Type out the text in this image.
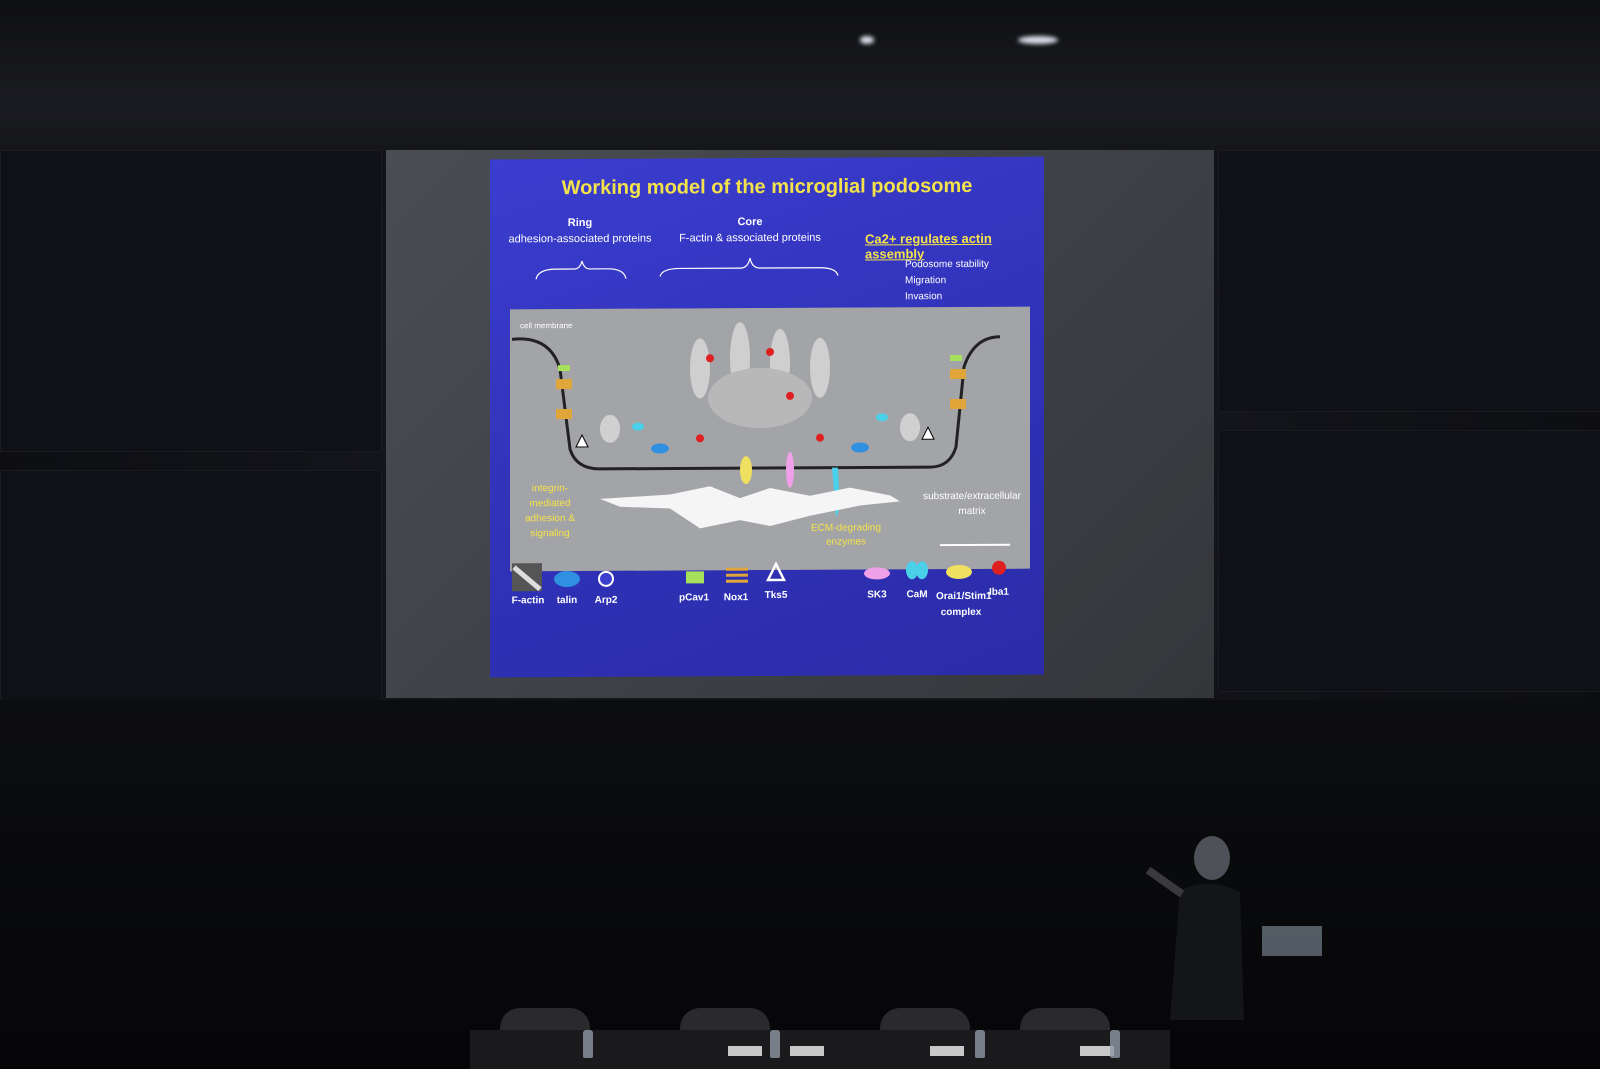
Working model of the microglial podosome
Ring
adhesion-associated proteins
Core
F-actin & associated proteins	Ca2+ regulates actin assembly
Podosome stability
Migration
Invasion
cell membrane
integrin-mediated adhesion & signaling
substrate/extracellular matrix
ECM-degrading enzymes
F-actin	talin	Arp2	pCav1	Nox1	Tks5	SK3	CaM Orai1/Stim1 complex
Iba1
